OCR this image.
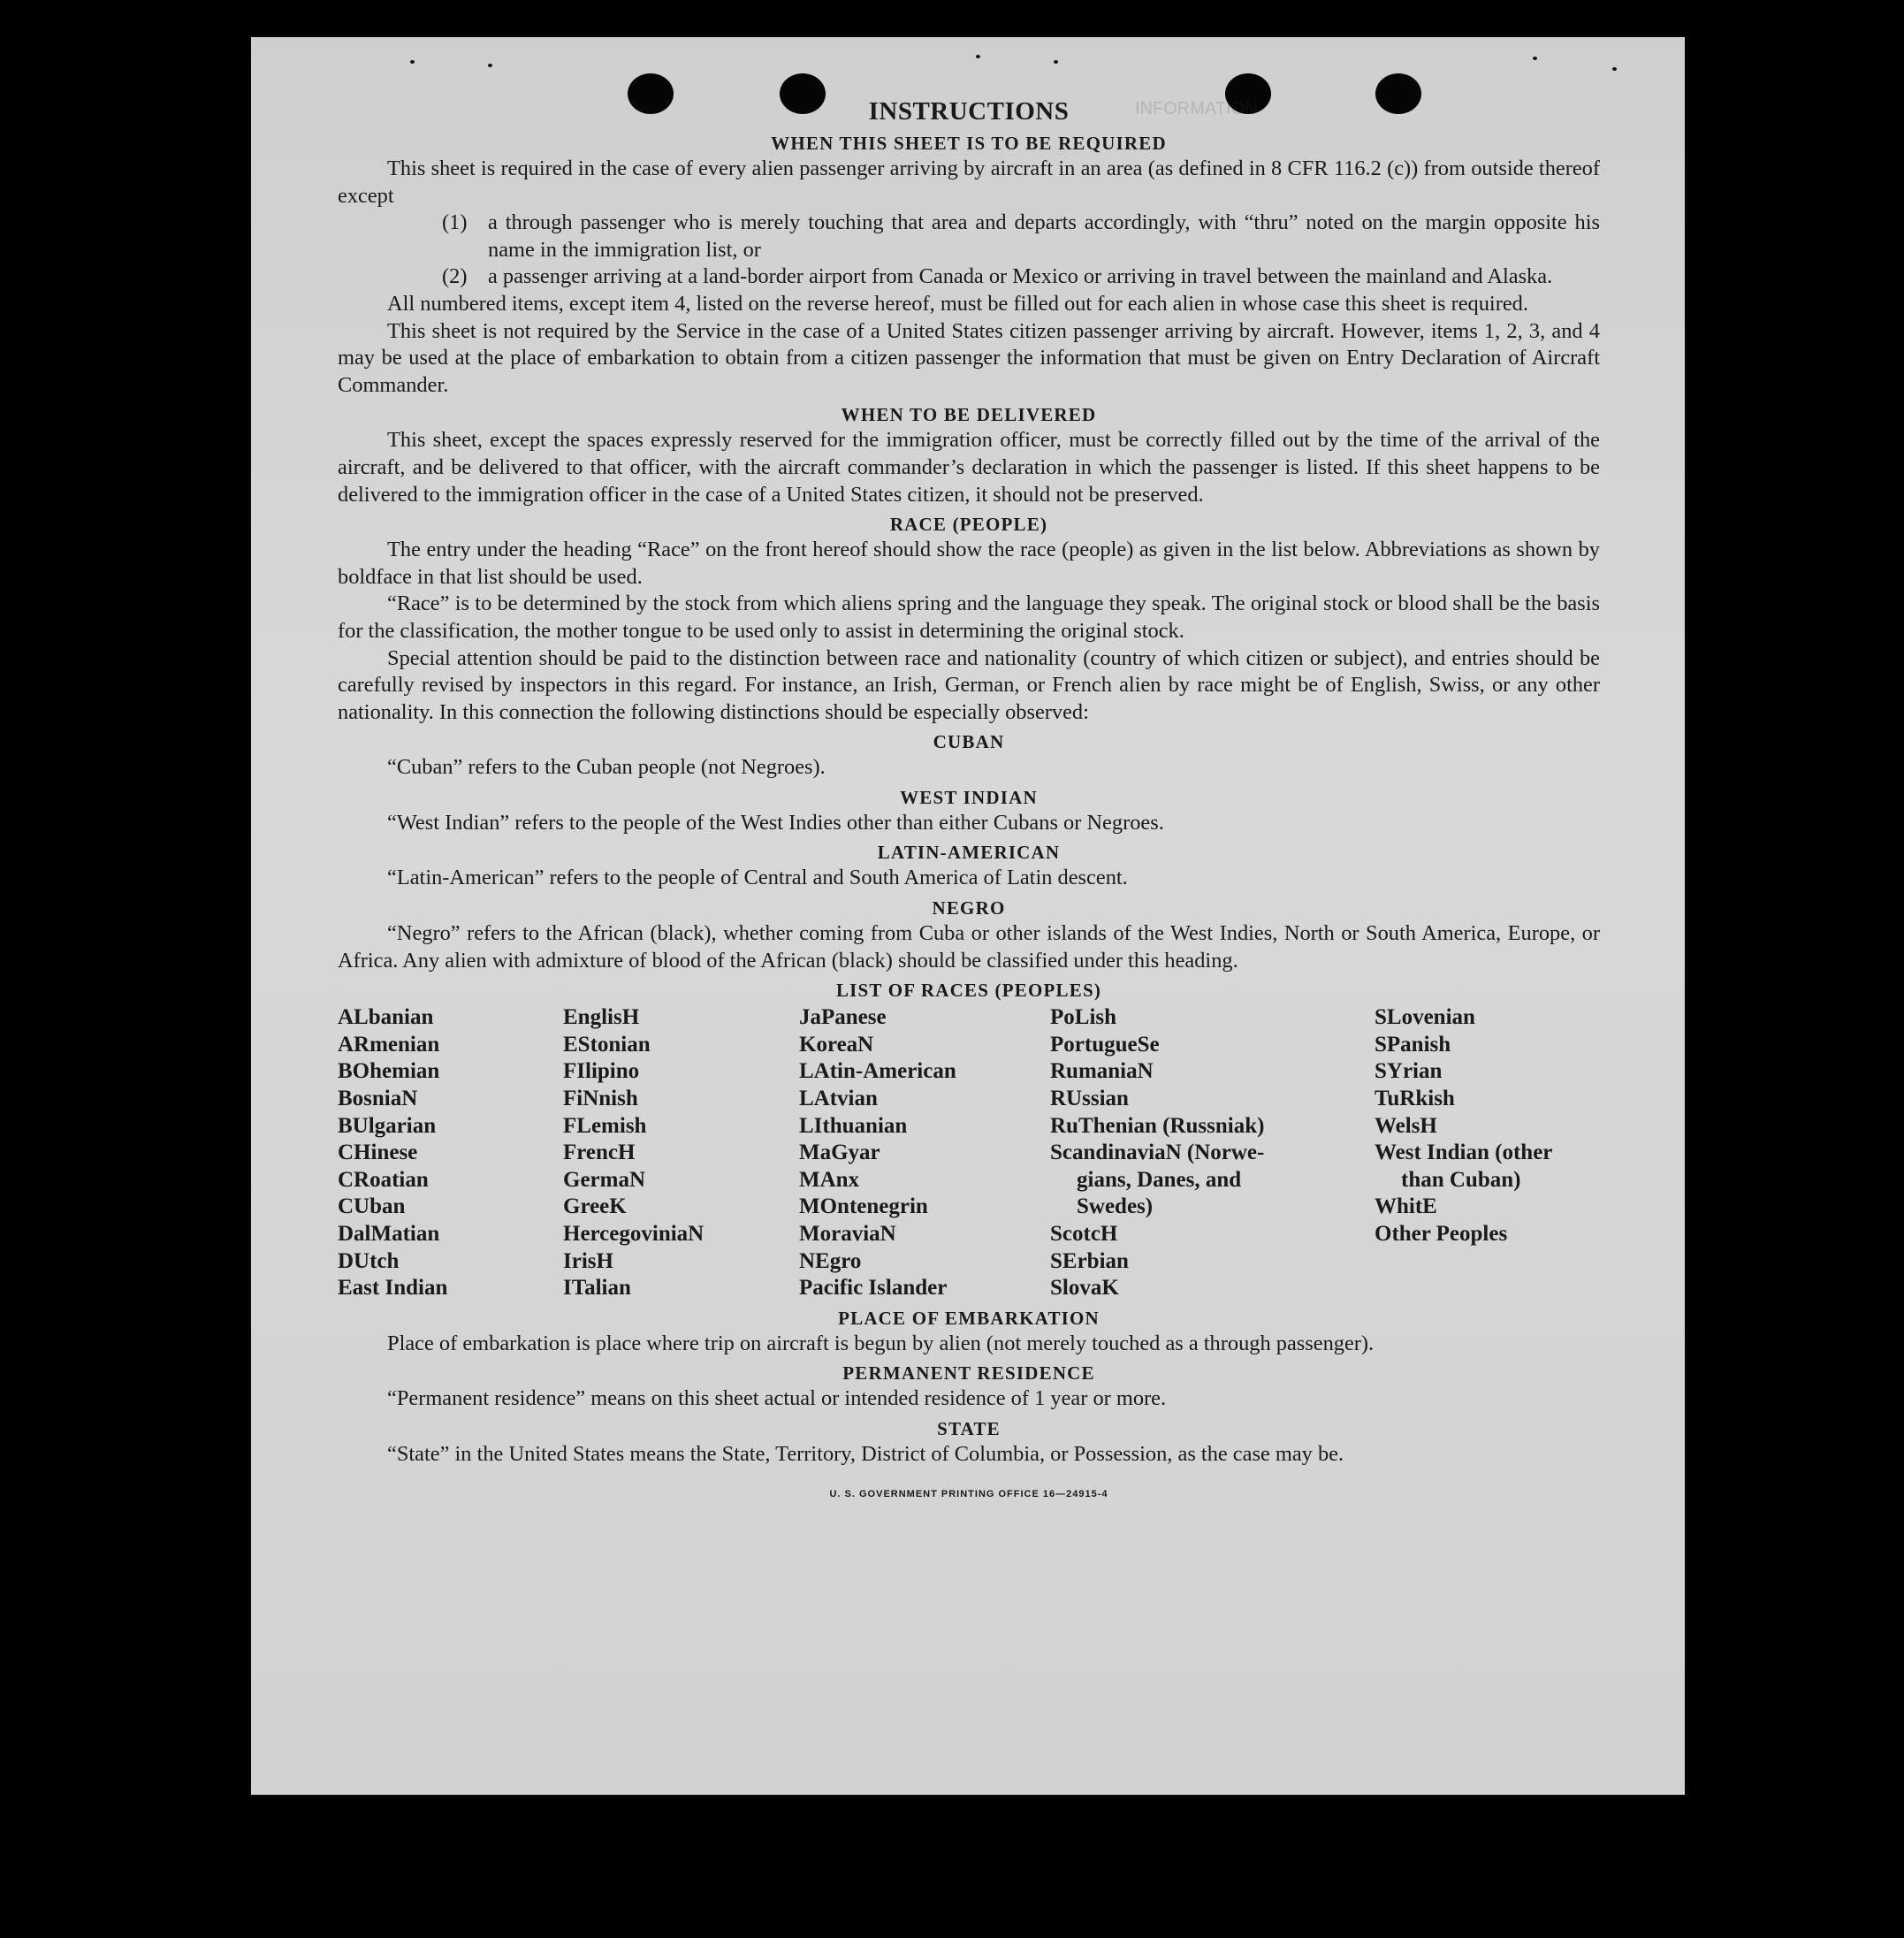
INFORMATION
INSTRUCTIONS
WHEN THIS SHEET IS TO BE REQUIRED

This sheet is required in the case of every alien passenger arriving by aircraft in an area (as defined in 8 CFR 116.2 (c)) from outside thereof except

(1) a through passenger who is merely touching that area and departs accordingly, with “thru” noted on the margin opposite his name in the immigration list, or
(2) a passenger arriving at a land-border airport from Canada or Mexico or arriving in travel between the mainland and Alaska.

All numbered items, except item 4, listed on the reverse hereof, must be filled out for each alien in whose case this sheet is required.

This sheet is not required by the Service in the case of a United States citizen passenger arriving by aircraft. However, items 1, 2, 3, and 4 may be used at the place of embarkation to obtain from a citizen passenger the information that must be given on Entry Declaration of Aircraft Commander.

WHEN TO BE DELIVERED

This sheet, except the spaces expressly reserved for the immigration officer, must be correctly filled out by the time of the arrival of the aircraft, and be delivered to that officer, with the aircraft commander’s declaration in which the passenger is listed. If this sheet happens to be delivered to the immigration officer in the case of a United States citizen, it should not be preserved.

RACE (PEOPLE)

The entry under the heading “Race” on the front hereof should show the race (people) as given in the list below. Abbreviations as shown by boldface in that list should be used.

“Race” is to be determined by the stock from which aliens spring and the language they speak. The original stock or blood shall be the basis for the classification, the mother tongue to be used only to assist in determining the original stock.

Special attention should be paid to the distinction between race and nationality (country of which citizen or subject), and entries should be carefully revised by inspectors in this regard. For instance, an Irish, German, or French alien by race might be of English, Swiss, or any other nationality. In this connection the following distinctions should be especially observed:

CUBAN

“Cuban” refers to the Cuban people (not Negroes).

WEST INDIAN

“West Indian” refers to the people of the West Indies other than either Cubans or Negroes.

LATIN-AMERICAN

“Latin-American” refers to the people of Central and South America of Latin descent.

NEGRO

“Negro” refers to the African (black), whether coming from Cuba or other islands of the West Indies, North or South America, Europe, or Africa. Any alien with admixture of blood of the African (black) should be classified under this heading.

LIST OF RACES (PEOPLES)
ALbanian
ARmenian
BOhemian
BosniaN
BUlgarian
CHinese
CRoatian
CUban
DalMatian
DUtch
East Indian
EnglisH
EStonian
FIlipino
FiNnish
FLemish
FrencH
GermaN
GreeK
HercegoviniaN
IrisH
ITalian
JaPanese
KoreaN
LAtin-American
LAtvian
LIthuanian
MaGyar
MAnx
MOntenegrin
MoraviaN
NEgro
Pacific Islander
PoLish
PortugueSe
RumaniaN
RUssian
RuThenian (Russniak)
ScandinaviaN (Norwe-
gians, Danes, and
Swedes)
ScotcH
SErbian
SlovaK
SLovenian
SPanish
SYrian
TuRkish
WelsH
West Indian (other
than Cuban)
WhitE
Other Peoples
PLACE OF EMBARKATION

Place of embarkation is place where trip on aircraft is begun by alien (not merely touched as a through passenger).

PERMANENT RESIDENCE

“Permanent residence” means on this sheet actual or intended residence of 1 year or more.

STATE

“State” in the United States means the State, Territory, District of Columbia, or Possession, as the case may be.

U. S. GOVERNMENT PRINTING OFFICE 16—24915-4
